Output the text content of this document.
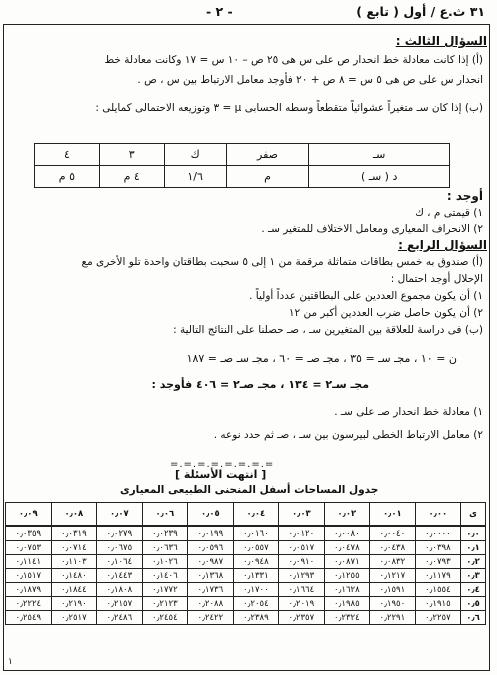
٣١ ث.ع / أول ( تابع )
- ٢ -
السؤال الثالث :
(أ) إذا كانت معادلة خط انحدار ص على س هى ٢٥ ص – ١٠ س = ١٧ وكانت معادلة خط
انحدار س على ص هى ٥ س = ٨ ص + ٢٠ فأوجد معامل الارتباط بين س ، ص .
(ب) إذا كان سـ متغيراً عشوائياً متقطعاً وسطه الحسابى µ = ٣ وتوزيعه الاحتمالى كمايلى :
سـ	صفر	ك	٣	٤
د ( سـ )	م	١/٦	٤ م	٥ م
أوجد :
١) قيمتى م ، ك
٢) الانحراف المعيارى ومعامل الاختلاف للمتغير سـ .
السؤال الرابع :
(أ) صندوق به خمس بطاقات متماثلة مرقمة من ١ إلى ٥ سحبت بطاقتان واحدة تلو الأخرى مع
الإحلال أوجد احتمال :
١) أن يكون مجموع العددين على البطاقتين عدداً أولياً .
٢) أن يكون حاصل ضرب العددين أكبر من ١٢
(ب) فى دراسة للعلاقة بين المتغيرين سـ ، صـ حصلنا على النتائج التالية :
ن = ١٠ ، مجـ سـ = ٣٥ ، مجـ صـ = ٦٠ ، مجـ سـ صـ = ١٨٧
مجـ سـ٢ = ١٣٤ ، مجـ صـ٢ = ٤٠٦ فأوجد :
١) معادلة خط انحدار صـ على سـ .
٢) معامل الارتباط الخطى لبيرسون بين سـ ، صـ ثم حدد نوعه .
=.=.=.=.=.=.=.=
[ انتهت الأسئلة ]
جدول المساحات أسفل المنحنى الطبيعى المعيارى
ى	٠٫٠٠	٠٫٠١	٠٫٠٢	٠٫٠٣	٠٫٠٤	٠٫٠٥	٠٫٠٦	٠٫٠٧	٠٫٠٨	٠٫٠٩
٠٫٠	٠٫٠٠٠٠	٠٫٠٠٤٠	٠٫٠٠٨٠	٠٫٠١٢٠	٠٫٠١٦٠	٠٫٠١٩٩	٠٫٠٢٣٩	٠٫٠٢٧٩	٠٫٠٣١٩	٠٫٠٣٥٩
٠٫١	٠٫٠٣٩٨	٠٫٠٤٣٨	٠٫٠٤٧٨	٠٫٠٥١٧	٠٫٠٥٥٧	٠٫٠٥٩٦	٠٫٠٦٣٦	٠٫٠٦٧٥	٠٫٠٧١٤	٠٫٠٧٥٣
٠٫٢	٠٫٠٧٩٣	٠٫٠٨٣٢	٠٫٠٨٧١	٠٫٠٩١٠	٠٫٠٩٤٨	٠٫٠٩٨٧	٠٫١٠٢٦	٠٫١٠٦٤	٠٫١١٠٣	٠٫١١٤١
٠٫٣	٠٫١١٧٩	٠٫١٢١٧	٠٫١٢٥٥	٠٫١٢٩٣	٠٫١٣٣١	٠٫١٣٦٨	٠٫١٤٠٦	٠٫١٤٤٣	٠٫١٤٨٠	٠٫١٥١٧
٠٫٤	٠٫١٥٥٤	٠٫١٥٩١	٠٫١٦٢٨	٠٫١٦٦٤	٠٫١٧٠٠	٠٫١٧٣٦	٠٫١٧٧٢	٠٫١٨٠٨	٠٫١٨٤٤	٠٫١٨٧٩
٠٫٥	٠٫١٩١٥	٠٫١٩٥٠	٠٫١٩٨٥	٠٫٢٠١٩	٠٫٢٠٥٤	٠٫٢٠٨٨	٠٫٢١٢٣	٠٫٢١٥٧	٠٫٢١٩٠	٠٫٢٢٢٤
٠٫٦	٠٫٢٢٥٧	٠٫٢٢٩١	٠٫٢٣٢٤	٠٫٢٣٥٧	٠٫٢٣٨٩	٠٫٢٤٢٢	٠٫٢٤٥٤	٠٫٢٤٨٦	٠٫٢٥١٧	٠٫٢٥٤٩
١
